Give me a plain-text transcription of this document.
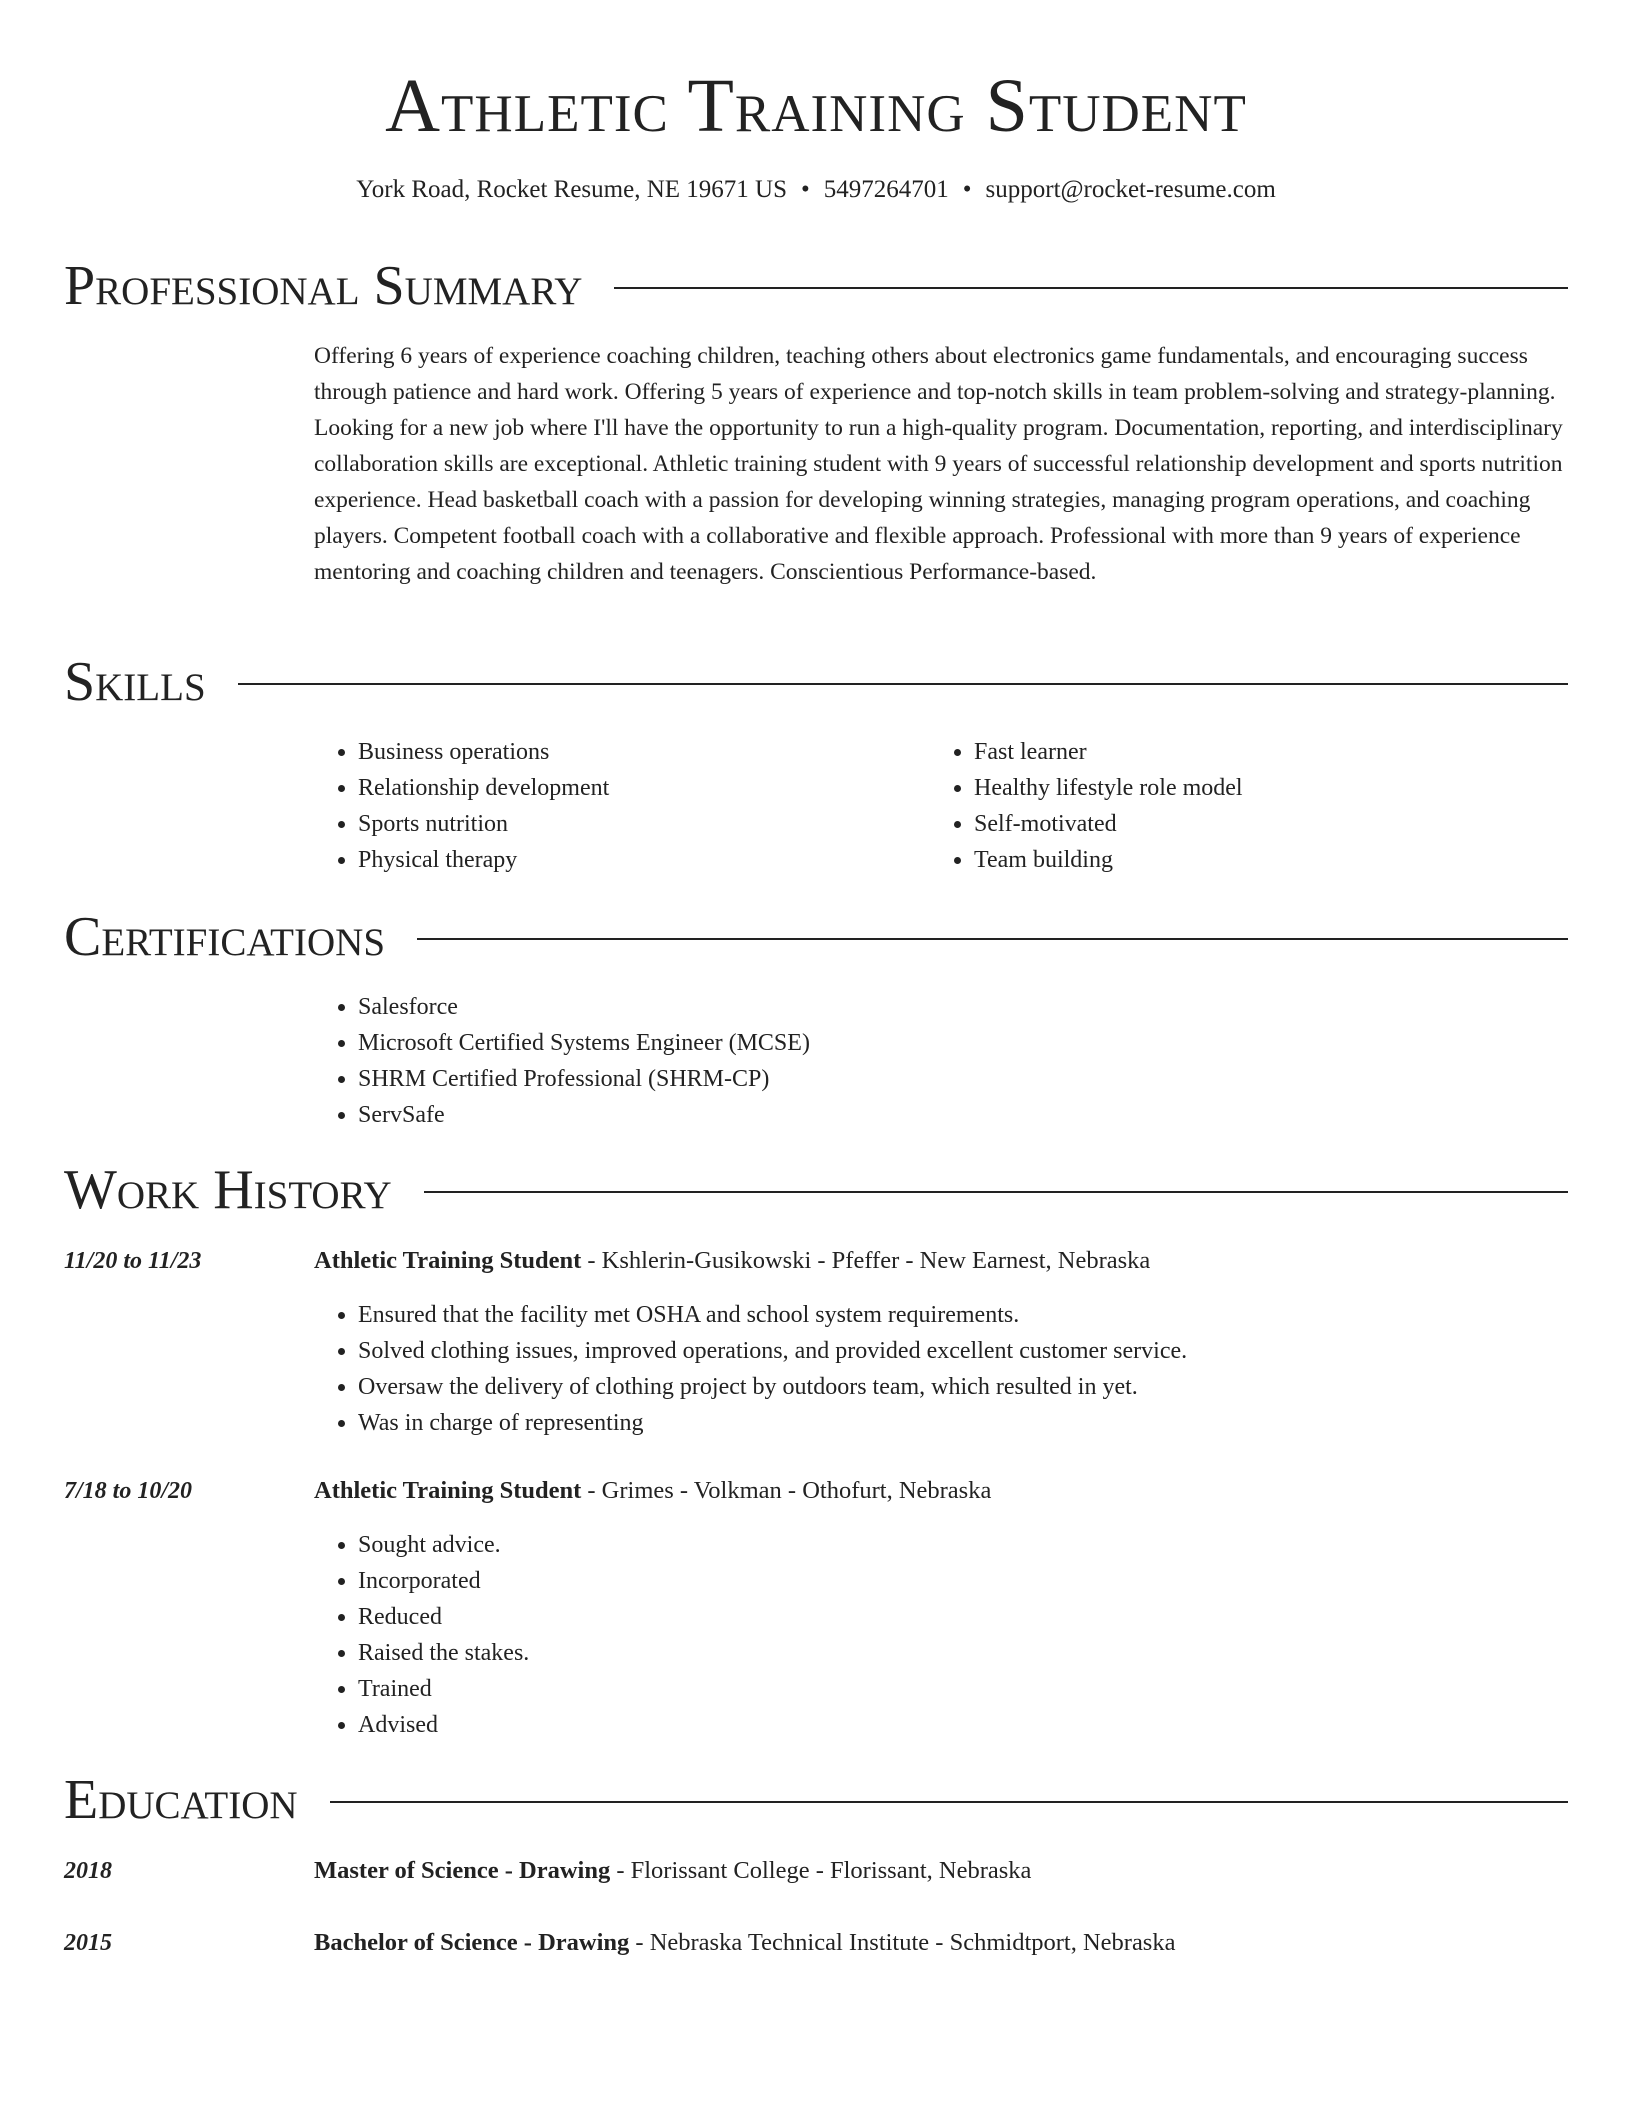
Athletic Training Student
York Road, Rocket Resume, NE 19671 US • 5497264701 • support@rocket-resume.com
Professional Summary

Offering 6 years of experience coaching children, teaching others about electronics game fundamentals, and encouraging success through patience and hard work. Offering 5 years of experience and top-notch skills in team problem-solving and strategy-planning. Looking for a new job where I'll have the opportunity to run a high-quality program. Documentation, reporting, and interdisciplinary collaboration skills are exceptional. Athletic training student with 9 years of successful relationship development and sports nutrition experience. Head basketball coach with a passion for developing winning strategies, managing program operations, and coaching players. Competent football coach with a collaborative and flexible approach. Professional with more than 9 years of experience mentoring and coaching children and teenagers. Conscientious Performance-based.

Skills
• Business operations
• Relationship development
• Sports nutrition
• Physical therapy
• Fast learner
• Healthy lifestyle role model
• Self-motivated
• Team building
Certifications
• Salesforce
• Microsoft Certified Systems Engineer (MCSE)
• SHRM Certified Professional (SHRM-CP)
• ServSafe
Work History
11/20 to 11/23	Athletic Training Student - Kshlerin-Gusikowski - Pfeffer - New Earnest, Nebraska
• Ensured that the facility met OSHA and school system requirements.
• Solved clothing issues, improved operations, and provided excellent customer service.
• Oversaw the delivery of clothing project by outdoors team, which resulted in yet.
• Was in charge of representing
7/18 to 10/20	Athletic Training Student - Grimes - Volkman - Othofurt, Nebraska
• Sought advice.
• Incorporated
• Reduced
• Raised the stakes.
• Trained
• Advised
Education
2018	Master of Science - Drawing - Florissant College - Florissant, Nebraska
2015	Bachelor of Science - Drawing - Nebraska Technical Institute - Schmidtport, Nebraska
